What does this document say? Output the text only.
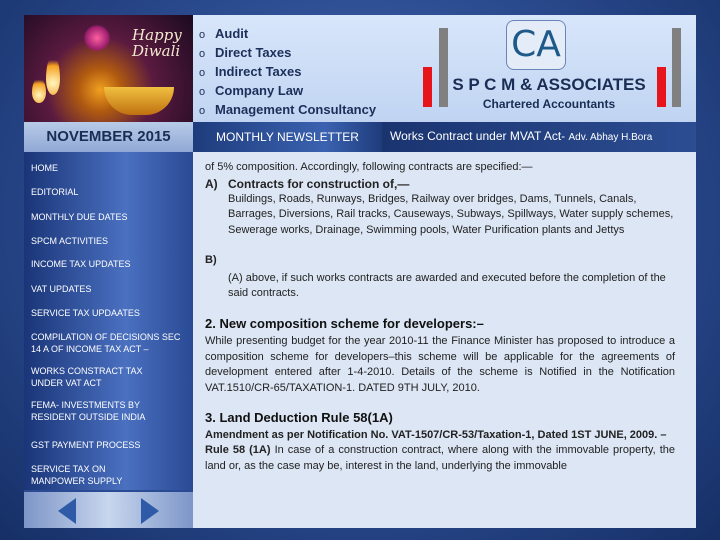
Happy Diwali
o Audit
o Direct Taxes
o Indirect Taxes
o Company Law
o Management Consultancy
CA
S P C M & ASSOCIATES
Chartered Accountants
NOVEMBER 2015	MONTHLY NEWSLETTER	Works Contract under MVAT Act- Adv. Abhay H.Bora
HOME
EDITORIAL
MONTHLY DUE DATES
SPCM ACTIVITIES
INCOME TAX UPDATES
VAT UPDATES
SERVICE TAX UPDAATES
COMPILATION OF DECISIONS SEC 14 A OF INCOME TAX ACT –
WORKS CONSTRACT TAX UNDER VAT ACT
FEMA- INVESTMENTS BY RESIDENT OUTSIDE INDIA
GST PAYMENT PROCESS
SERVICE TAX ON MANPOWER SUPPLY

of 5% composition. Accordingly, following contracts are specified:—

A) Contracts for construction of,—

Buildings, Roads, Runways, Bridges, Railway over bridges, Dams, Tunnels, Canals, Barrages, Diversions, Rail tracks, Causeways, Subways, Spillways, Water supply schemes, Sewerage works, Drainage, Swimming pools, Water Purification plants and Jettys

B)

(A) above, if such works contracts are awarded and executed before the completion of the said contracts.

2. New composition scheme for developers:–

While presenting budget for the year 2010-11 the Finance Minister has proposed to introduce a composition scheme for developers–this scheme will be applicable for the agreements of development entered after 1-4-2010. Details of the scheme is Notified in the Notification VAT.1510/CR-65/TAXATION-1. DATED 9TH JULY, 2010.

3. Land Deduction Rule 58(1A)

Amendment as per Notification No. VAT-1507/CR-53/Taxation-1, Dated 1ST JUNE, 2009. –

Rule 58 (1A) In case of a construction contract, where along with the immovable property, the land or, as the case may be, interest in the land, underlying the immovable
